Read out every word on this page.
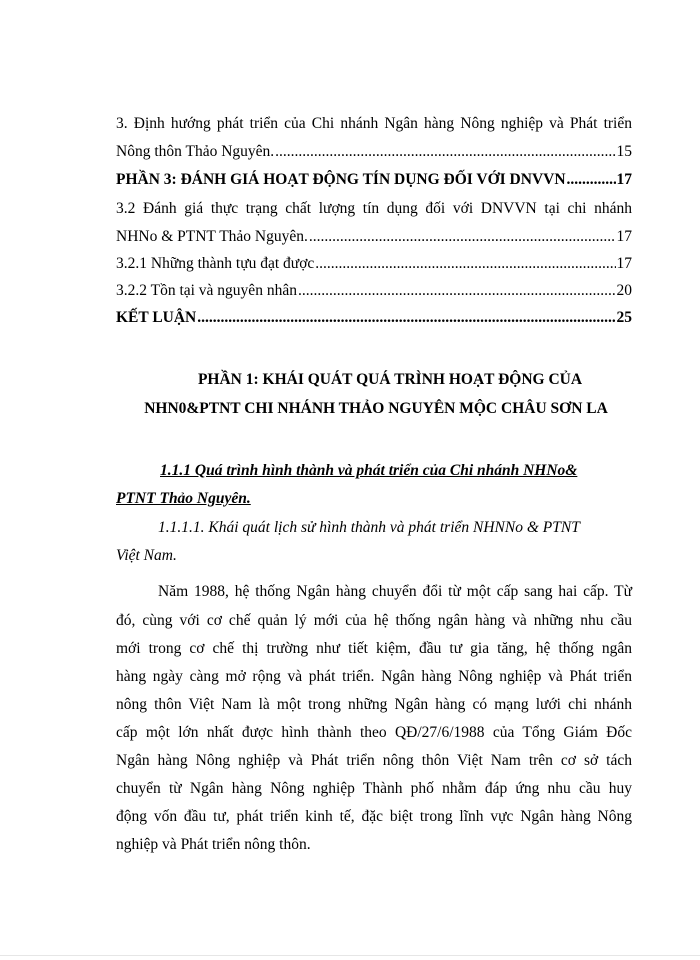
3. Định hướng phát triển của Chi nhánh Ngân hàng Nông nghiệp và Phát triển
Nông thôn Thảo Nguyên. .....	15
PHẦN 3: ĐÁNH GIÁ HOẠT ĐỘNG TÍN DỤNG ĐỐI VỚI DNVVN .....	17
3.2 Đánh giá thực trạng chất lượng tín dụng đối với DNVVN tại chi nhánh
NHNo & PTNT Thảo Nguyên. .....	17
3.2.1 Những thành tựu đạt được .....	17
3.2.2 Tồn tại và nguyên nhân .....	20
KẾT LUẬN .....	25
PHẦN 1: KHÁI QUÁT QUÁ TRÌNH HOẠT ĐỘNG CỦA
NHN0&PTNT CHI NHÁNH THẢO NGUYÊN MỘC CHÂU SƠN LA
1.1.1 Quá trình hình thành và phát triển của Chi nhánh NHNo&
PTNT Thảo Nguyên.
1.1.1.1. Khái quát lịch sử hình thành và phát triển NHNNo & PTNT
Việt Nam.
Năm 1988, hệ thống Ngân hàng chuyển đổi từ một cấp sang hai cấp. Từ
đó, cùng với cơ chế quản lý mới của hệ thống ngân hàng và những nhu cầu
mới trong cơ chế thị trường như tiết kiệm, đầu tư gia tăng, hệ thống ngân
hàng ngày càng mở rộng và phát triển. Ngân hàng Nông nghiệp và Phát triển
nông thôn Việt Nam là một trong những Ngân hàng có mạng lưới chi nhánh
cấp một lớn nhất được hình thành theo QĐ/27/6/1988 của Tổng Giám Đốc
Ngân hàng Nông nghiệp và Phát triển nông thôn Việt Nam trên cơ sở tách
chuyển từ Ngân hàng Nông nghiệp Thành phố nhằm đáp ứng nhu cầu huy
động vốn đầu tư, phát triển kinh tế, đặc biệt trong lĩnh vực Ngân hàng Nông
nghiệp và Phát triển nông thôn.
